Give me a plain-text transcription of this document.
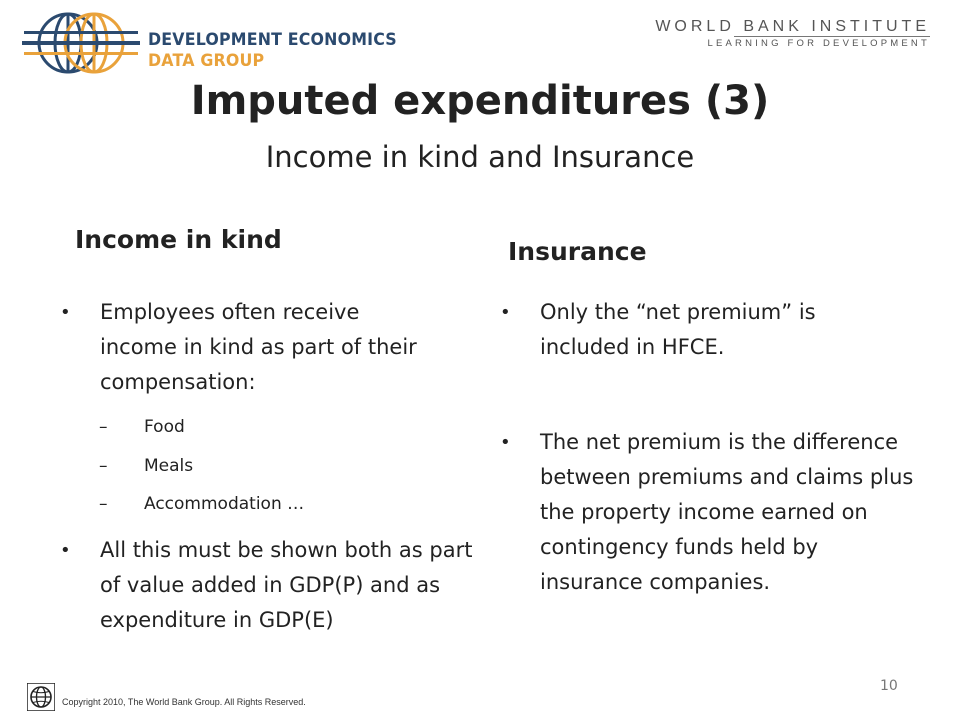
DEVELOPMENT ECONOMICS
DATA GROUP
WORLD BANK INSTITUTE
LEARNING FOR DEVELOPMENT
Imputed expenditures (3)
Income in kind and Insurance
Income in kind
• Employees often receive income in kind as part of their compensation:
– Food
– Meals
– Accommodation …
• All this must be shown both as part of value added in GDP(P) and as expenditure in GDP(E)
Insurance
• Only the “net premium” is included in HFCE.
• The net premium is the difference between premiums and claims plus the property income earned on contingency funds held by insurance companies.
Copyright 2010, The World Bank Group. All Rights Reserved.
10
